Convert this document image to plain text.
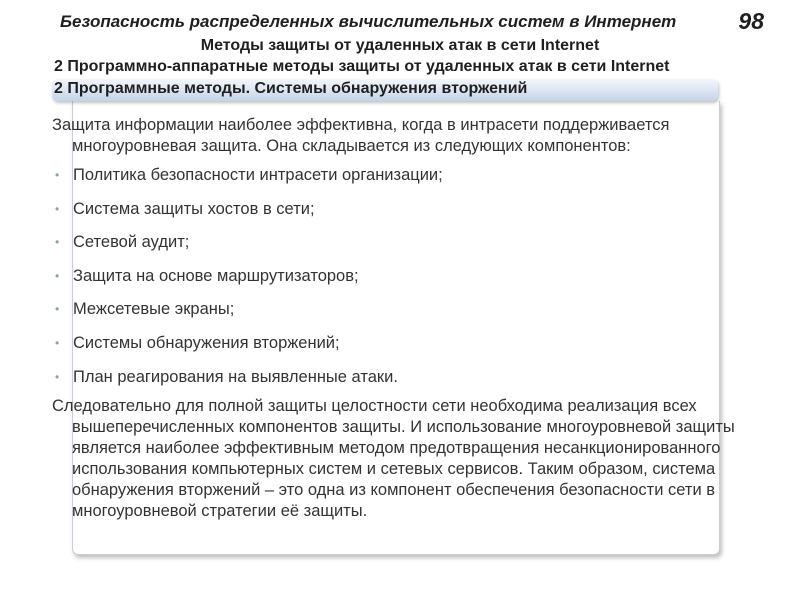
Безопасность распределенных вычислительных систем в Интернет	98
Методы защиты от удаленных атак в сети Internet
2 Программно-аппаратные методы защиты от удаленных атак в сети Internet
2 Программные методы. Системы обнаружения вторжений

Защита информации наиболее эффективна, когда в интрасети поддерживается многоуровневая защита. Она складывается из следующих компонентов:

• Политика безопасности интрасети организации;
• Система защиты хостов в сети;
• Сетевой аудит;
• Защита на основе маршрутизаторов;
• Межсетевые экраны;
• Системы обнаружения вторжений;
• План реагирования на выявленные атаки.

Следовательно для полной защиты целостности сети необходима реализация всех вышеперечисленных компонентов защиты. И использование многоуровневой защиты является наиболее эффективным методом предотвращения несанкционированного использования компьютерных систем и сетевых сервисов. Таким образом, система обнаружения вторжений – это одна из компонент обеспечения безопасности сети в многоуровневой стратегии её защиты.
